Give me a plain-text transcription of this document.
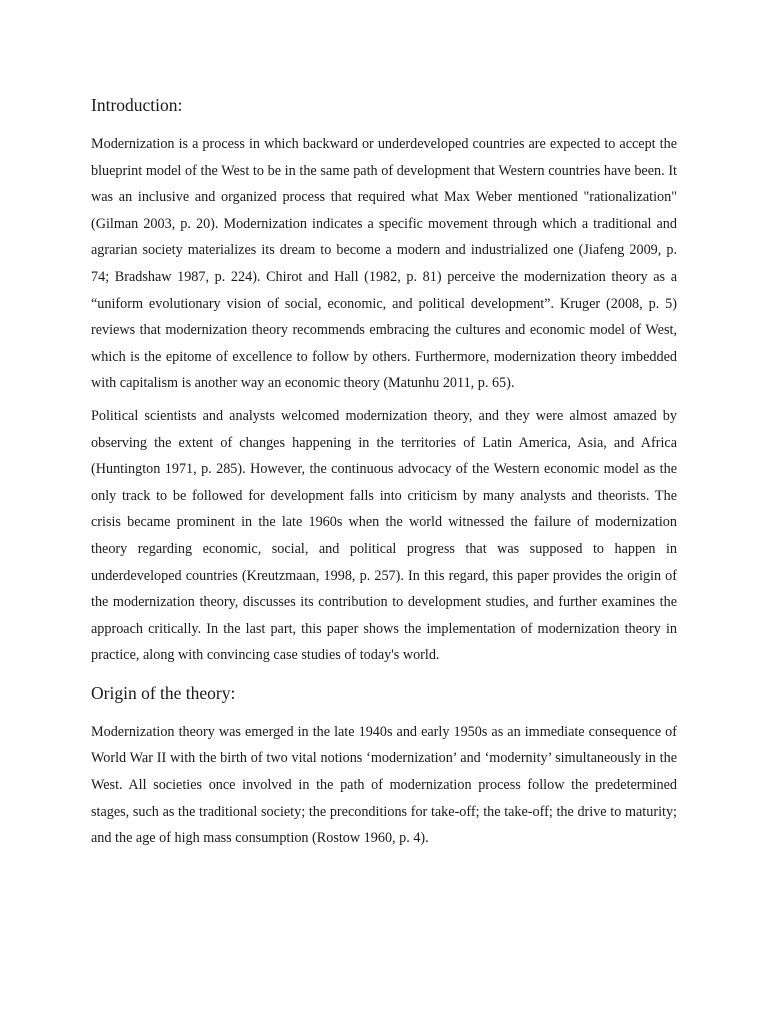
Introduction:

Modernization is a process in which backward or underdeveloped countries are expected to accept the blueprint model of the West to be in the same path of development that Western countries have been. It was an inclusive and organized process that required what Max Weber mentioned "rationalization" (Gilman 2003, p. 20). Modernization indicates a specific movement through which a traditional and agrarian society materializes its dream to become a modern and industrialized one (Jiafeng 2009, p. 74; Bradshaw 1987, p. 224). Chirot and Hall (1982, p. 81) perceive the modernization theory as a “uniform evolutionary vision of social, economic, and political development”. Kruger (2008, p. 5) reviews that modernization theory recommends embracing the cultures and economic model of West, which is the epitome of excellence to follow by others. Furthermore, modernization theory imbedded with capitalism is another way an economic theory (Matunhu 2011, p. 65).

Political scientists and analysts welcomed modernization theory, and they were almost amazed by observing the extent of changes happening in the territories of Latin America, Asia, and Africa (Huntington 1971, p. 285). However, the continuous advocacy of the Western economic model as the only track to be followed for development falls into criticism by many analysts and theorists. The crisis became prominent in the late 1960s when the world witnessed the failure of modernization theory regarding economic, social, and political progress that was supposed to happen in underdeveloped countries (Kreutzmaan, 1998, p. 257). In this regard, this paper provides the origin of the modernization theory, discusses its contribution to development studies, and further examines the approach critically. In the last part, this paper shows the implementation of modernization theory in practice, along with convincing case studies of today's world.

Origin of the theory:

Modernization theory was emerged in the late 1940s and early 1950s as an immediate consequence of World War II with the birth of two vital notions ‘modernization’ and ‘modernity’ simultaneously in the West. All societies once involved in the path of modernization process follow the predetermined stages, such as the traditional society; the preconditions for take-off; the take-off; the drive to maturity; and the age of high mass consumption (Rostow 1960, p. 4).
